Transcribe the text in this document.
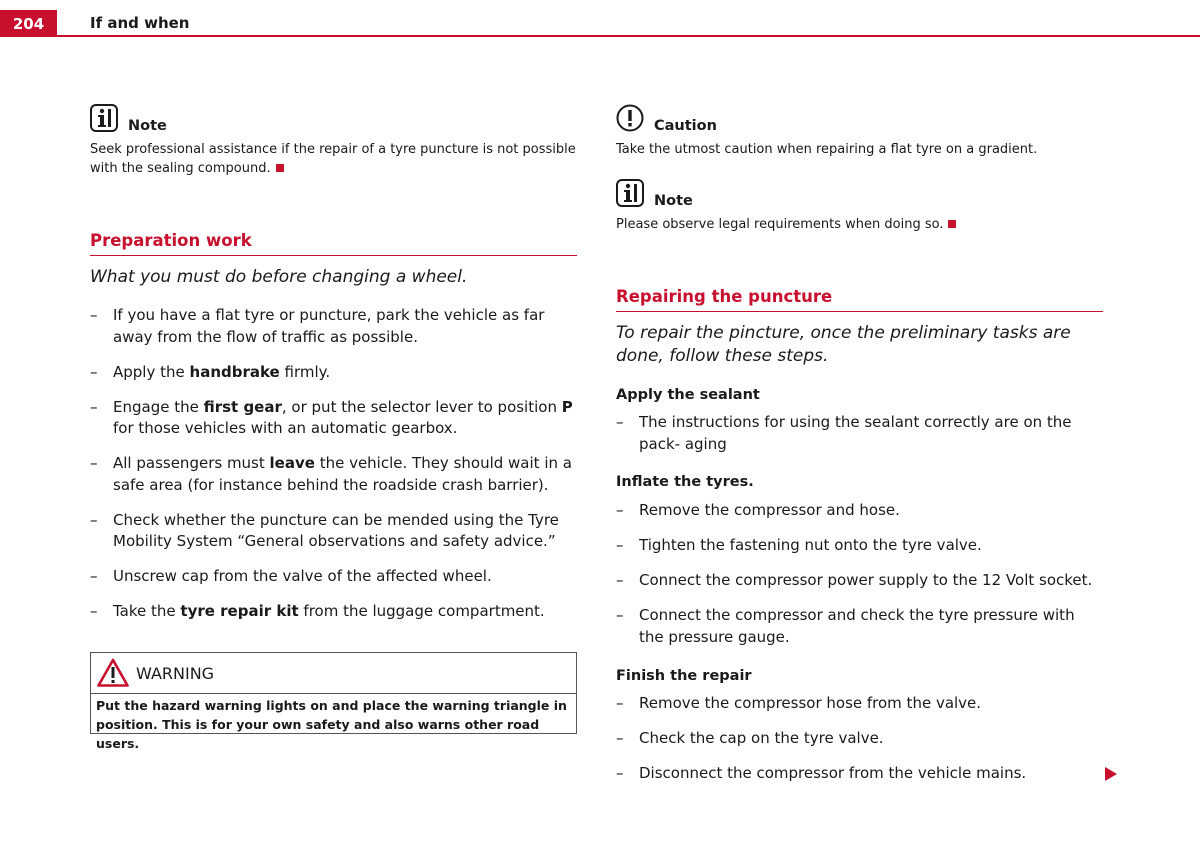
204	If and when
Note
Seek professional assistance if the repair of a tyre puncture is not possible with the sealing compound.
Preparation work
What you must do before changing a wheel.
– If you have a flat tyre or puncture, park the vehicle as far away from the flow of traffic as possible.
– Apply the handbrake firmly.
– Engage the first gear, or put the selector lever to position P for those vehicles with an automatic gearbox.
– All passengers must leave the vehicle. They should wait in a safe area (for instance behind the roadside crash barrier).
– Check whether the puncture can be mended using the Tyre Mobility System “General observations and safety advice.”
– Unscrew cap from the valve of the affected wheel.
– Take the tyre repair kit from the luggage compartment.
WARNING
Put the hazard warning lights on and place the warning triangle in position. This is for your own safety and also warns other road users.
Caution
Take the utmost caution when repairing a flat tyre on a gradient.
Note
Please observe legal requirements when doing so.
Repairing the puncture
To repair the pincture, once the preliminary tasks are done, follow these steps.
Apply the sealant
– The instructions for using the sealant correctly are on the pack- aging
Inflate the tyres.
– Remove the compressor and hose.
– Tighten the fastening nut onto the tyre valve.
– Connect the compressor power supply to the 12 Volt socket.
– Connect the compressor and check the tyre pressure with the pressure gauge.
Finish the repair
– Remove the compressor hose from the valve.
– Check the cap on the tyre valve.
– Disconnect the compressor from the vehicle mains.
